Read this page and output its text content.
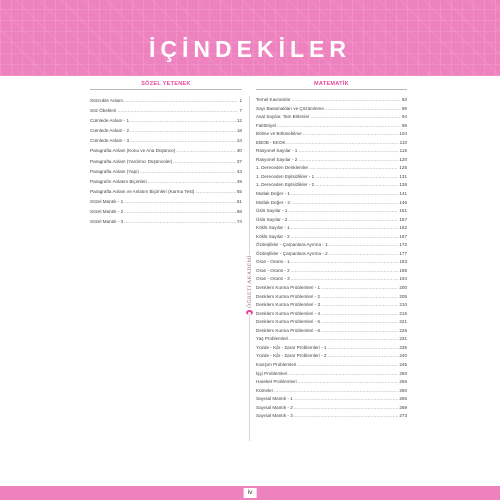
İÇİNDEKİLER
SÖZEL YETENEK
Sözcükte Anlam .....	1
Söz Öbekleri .....	7
Cümlede Anlam - 1 .....	12
Cümlede Anlam - 2 .....	18
Cümlede Anlam - 3 .....	24
Paragrafta Anlam (Konu ve Ana Düşünce) .....	30
Paragrafta Anlam (Yardımcı Düşünceler) .....	37
Paragrafta Anlam (Yapı) .....	43
Paragrafın Anlatım Biçimleri .....	49
Paragrafta Anlam ve Anlatım Biçimleri (Karma Test) .....	55
Sözel Mantık - 1 .....	61
Sözel Mantık - 2 .....	68
Sözel Mantık - 3 .....	74
ÖĞRETİ AKADEMİ
MATEMATİK
Temel Kavramlar .....	83
Sayı Basamakları ve Çözümleme .....	89
Asal Sayılar, Tam Bölenler .....	94
Faktöriyel .....	99
Bölme ve Bölünebilme .....	104
EBOB - EKOK .....	110
Rasyonel Sayılar - 1 .....	115
Rasyonel Sayılar - 2 .....	120
1. Dereceden Denklemler .....	125
1. Dereceden Eşitsizlikler - 1 .....	131
1. Dereceden Eşitsizlikler - 2 .....	136
Mutlak Değer - 1 .....	141
Mutlak Değer - 2 .....	146
Üslü Sayılar - 1 .....	151
Üslü Sayılar - 2 .....	157
Köklü Sayılar - 1 .....	162
Köklü Sayılar - 2 .....	167
Özdeşlikler - Çarpanlara Ayırma - 1 .....	172
Özdeşlikler - Çarpanlara Ayırma - 2 .....	177
Oran - Orantı - 1 .....	183
Oran - Orantı - 2 .....	188
Oran - Orantı - 3 .....	194
Denklem Kurma Problemleri - 1 .....	200
Denklem Kurma Problemleri - 2 .....	205
Denklem Kurma Problemleri - 3 .....	210
Denklem Kurma Problemleri - 4 .....	216
Denklem Kurma Problemleri - 5 .....	221
Denklem Kurma Problemleri - 6 .....	226
Yaş Problemleri .....	231
Yüzde - Kâr - Zarar Problemleri - 1 .....	235
Yüzde - Kâr - Zarar Problemleri - 2 .....	240
Karışım Problemleri .....	245
İşçi Problemleri .....	250
Hareket Problemleri .....	255
Kümeler .....	260
Sayısal Mantık - 1 .....	265
Sayısal Mantık - 2 .....	269
Sayısal Mantık - 3 .....	273
iv
